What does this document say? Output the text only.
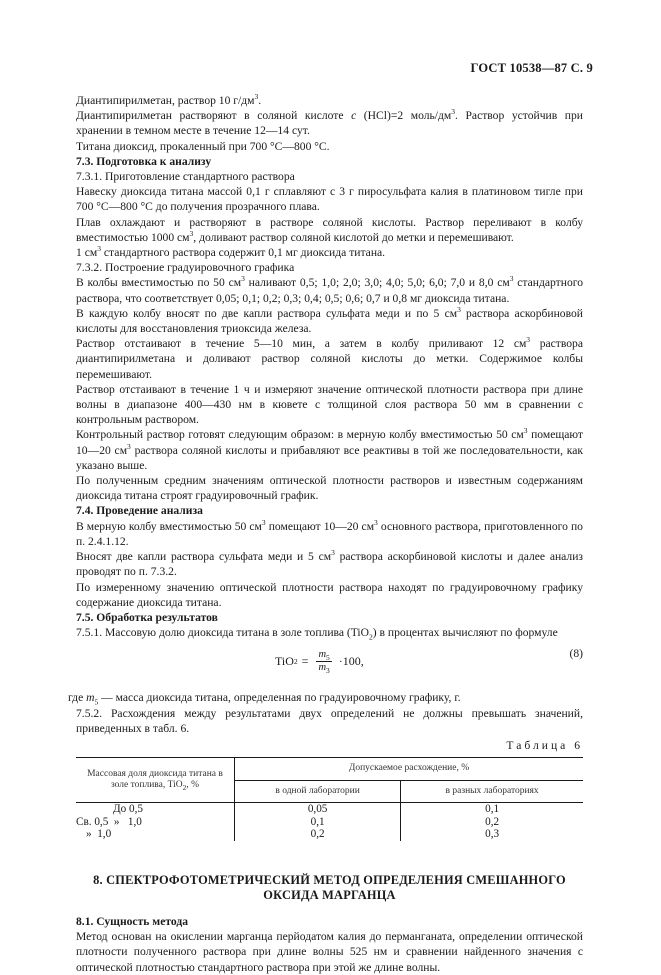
ГОСТ 10538—87 С. 9

Диантипирилметан, раствор 10 $г/дм^3$.

Диантипирилметан растворяют в соляной кислоте c (HCl)=2 моль/$дм^3$. Раствор устойчив при хранении в темном месте в течение 12—14 сут.

Титана диоксид, прокаленный при 700 °С—800 °С.

7.3. Подготовка к анализу

7.3.1. Приготовление стандартного раствора

Навеску диоксида титана массой 0,1 г сплавляют с 3 г пиросульфата калия в платиновом тигле при 700 °С—800 °С до получения прозрачного плава.

Плав охлаждают и растворяют в растворе соляной кислоты. Раствор переливают в колбу вместимостью 1000 $см^3$, доливают раствор соляной кислотой до метки и перемешивают.

1 $см^3$ стандартного раствора содержит 0,1 мг диоксида титана.

7.3.2. Построение градуировочного графика

В колбы вместимостью по 50 $см^3$ наливают 0,5; 1,0; 2,0; 3,0; 4,0; 5,0; 6,0; 7,0 и 8,0 $см^3$ стандартного раствора, что соответствует 0,05; 0,1; 0,2; 0,3; 0,4; 0,5; 0,6; 0,7 и 0,8 мг диоксида титана.

В каждую колбу вносят по две капли раствора сульфата меди и по 5 $см^3$ раствора аскорбиновой кислоты для восстановления триоксида железа.

Раствор отстаивают в течение 5—10 мин, а затем в колбу приливают 12 $см^3$ раствора диантипирилметана и доливают раствор соляной кислоты до метки. Содержимое колбы перемешивают.

Раствор отстаивают в течение 1 ч и измеряют значение оптической плотности раствора при длине волны в диапазоне 400—430 нм в кювете с толщиной слоя раствора 50 мм в сравнении с контрольным раствором.

Контрольный раствор готовят следующим образом: в мерную колбу вместимостью 50 $см^3$ помещают 10—20 $см^3$ раствора соляной кислоты и прибавляют все реактивы в той же последовательности, как указано выше.

По полученным средним значениям оптической плотности растворов и известным содержаниям диоксида титана строят градуировочный график.

7.4. Проведение анализа

В мерную колбу вместимостью 50 $см^3$ помещают 10—20 $см^3$ основного раствора, приготовленного по п. 2.4.1.12.

Вносят две капли раствора сульфата меди и 5 $см^3$ раствора аскорбиновой кислоты и далее анализ проводят по п. 7.3.2.

По измеренному значению оптической плотности раствора находят по градуировочному графику содержание диоксида титана.

7.5. Обработка результатов

7.5.1. Массовую долю диоксида титана в золе топлива (TiO$_2$) в процентах вычисляют по формуле

TiO $2 = \frac{m_5}{m_3} \cdot 100$,
(8)

где $m_5$ — масса диоксида титана, определенная по градуировочному графику, г.

7.5.2. Расхождения между результатами двух определений не должны превышать значений, приведенных в табл. 6.

Таблица 6
Массовая доля диоксида титана в золе топлива, TiO$_2$, %	Допускаемое расхождение, %	
	в одной лаборатории	в разных лабораториях
До 0,5	0,05	0,1
Св. 0,5  »   1,0	0,1	0,2
»  1,0	0,2	0,3
8. СПЕКТРОФОТОМЕТРИЧЕСКИЙ МЕТОД ОПРЕДЕЛЕНИЯ СМЕШАННОГО
ОКСИДА МАРГАНЦА

8.1. Сущность метода

Метод основан на окислении марганца перйодатом калия до перманганата, определении оптической плотности полученного раствора при длине волны 525 нм и сравнении найденного значения с оптической плотностью стандартного раствора при этой же длине волны.
